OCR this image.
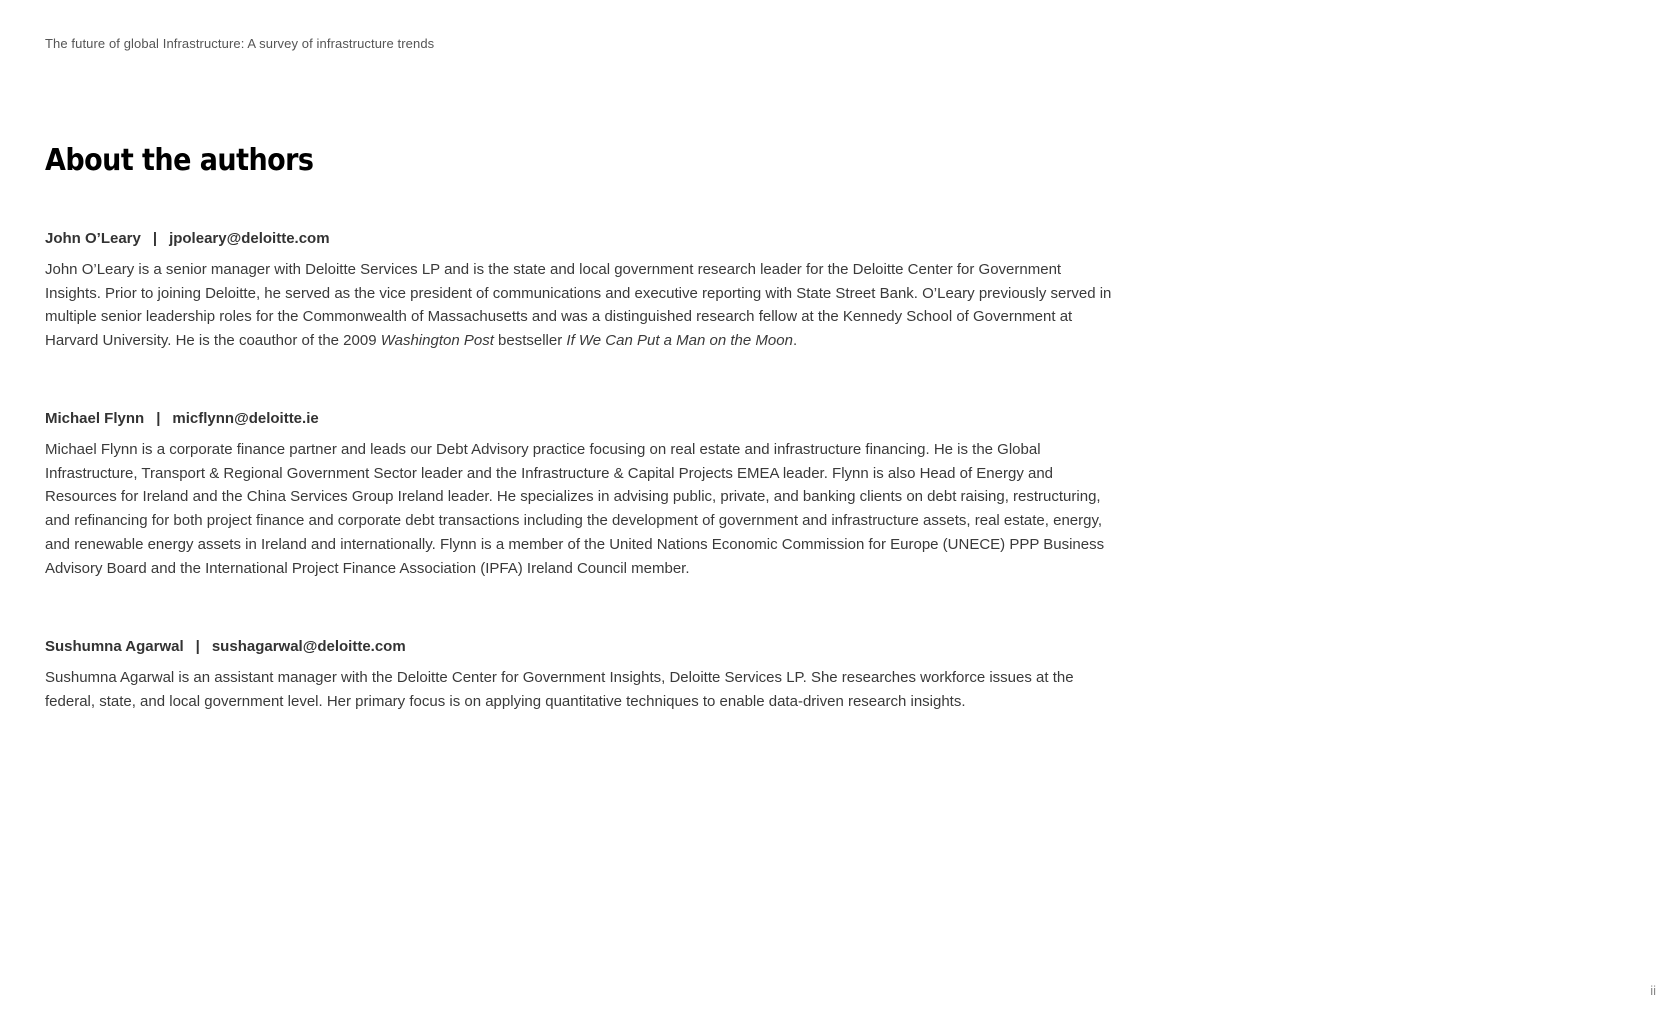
The future of global Infrastructure: A survey of infrastructure trends
About the authors
John O’Leary | jpoleary@deloitte.com

John O’Leary is a senior manager with Deloitte Services LP and is the state and local government research leader for the Deloitte Center for Government Insights. Prior to joining Deloitte, he served as the vice president of communications and executive reporting with State Street Bank. O’Leary previously served in multiple senior leadership roles for the Commonwealth of Massachusetts and was a distinguished research fellow at the Kennedy School of Government at Harvard University. He is the coauthor of the 2009 Washington Post bestseller If We Can Put a Man on the Moon.

Michael Flynn | micflynn@deloitte.ie

Michael Flynn is a corporate finance partner and leads our Debt Advisory practice focusing on real estate and infrastructure financing. He is the Global Infrastructure, Transport & Regional Government Sector leader and the Infrastructure & Capital Projects EMEA leader. Flynn is also Head of Energy and Resources for Ireland and the China Services Group Ireland leader. He specializes in advising public, private, and banking clients on debt raising, restructuring, and refinancing for both project finance and corporate debt transactions including the development of government and infrastructure assets, real estate, energy, and renewable energy assets in Ireland and internationally. Flynn is a member of the United Nations Economic Commission for Europe (UNECE) PPP Business Advisory Board and the International Project Finance Association (IPFA) Ireland Council member.

Sushumna Agarwal | sushagarwal@deloitte.com

Sushumna Agarwal is an assistant manager with the Deloitte Center for Government Insights, Deloitte Services LP. She researches workforce issues at the federal, state, and local government level. Her primary focus is on applying quantitative techniques to enable data-driven research insights.

ii
